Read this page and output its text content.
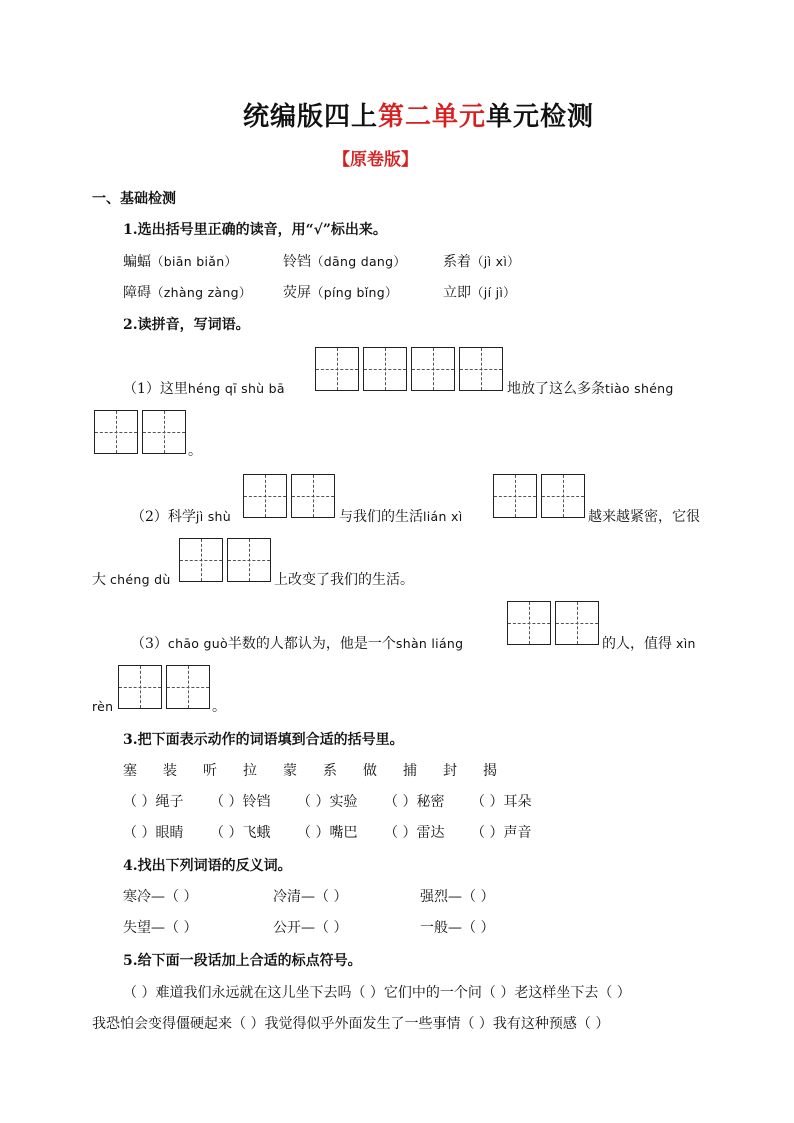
统编版四上第二单元单元检测
【原卷版】
一、基础检测
1.选出括号里正确的读音，用“√”标出来。
蝙蝠（biān biǎn）	铃铛（dāng dang）	系着（jì xì）
障碍（zhàng zàng） 荧屏（píng bǐng）	立即（jí jì）
2.读拼音，写词语。
（1）这里héng qī shù bā	地放了这么多条tiào shéng
。
（2）科学jì shù	与我们的生活lián xì	越来越紧密，它很
大 chéng dù	上改变了我们的生活。
（3）chāo guò半数的人都认为，他是一个shàn liáng	的人，值得 xìn
rèn	。
3.把下面表示动作的词语填到合适的括号里。
塞 装 听 拉 蒙 系 做 捕 封 揭
（ ）绳子 （ ）铃铛 （ ）实验 （ ）秘密 （ ）耳朵
（ ）眼睛 （ ）飞蛾 （ ）嘴巴 （ ）雷达 （ ）声音
4.找出下列词语的反义词。
寒冷—（ ）	冷清—（ ）	强烈—（ ）
失望—（ ）	公开—（ ）	一般—（ ）
5.给下面一段话加上合适的标点符号。
（ ）难道我们永远就在这儿坐下去吗（ ）它们中的一个问（ ）老这样坐下去（ ）
我恐怕会变得僵硬起来（ ）我觉得似乎外面发生了一些事情（ ）我有这种预感（ ）
